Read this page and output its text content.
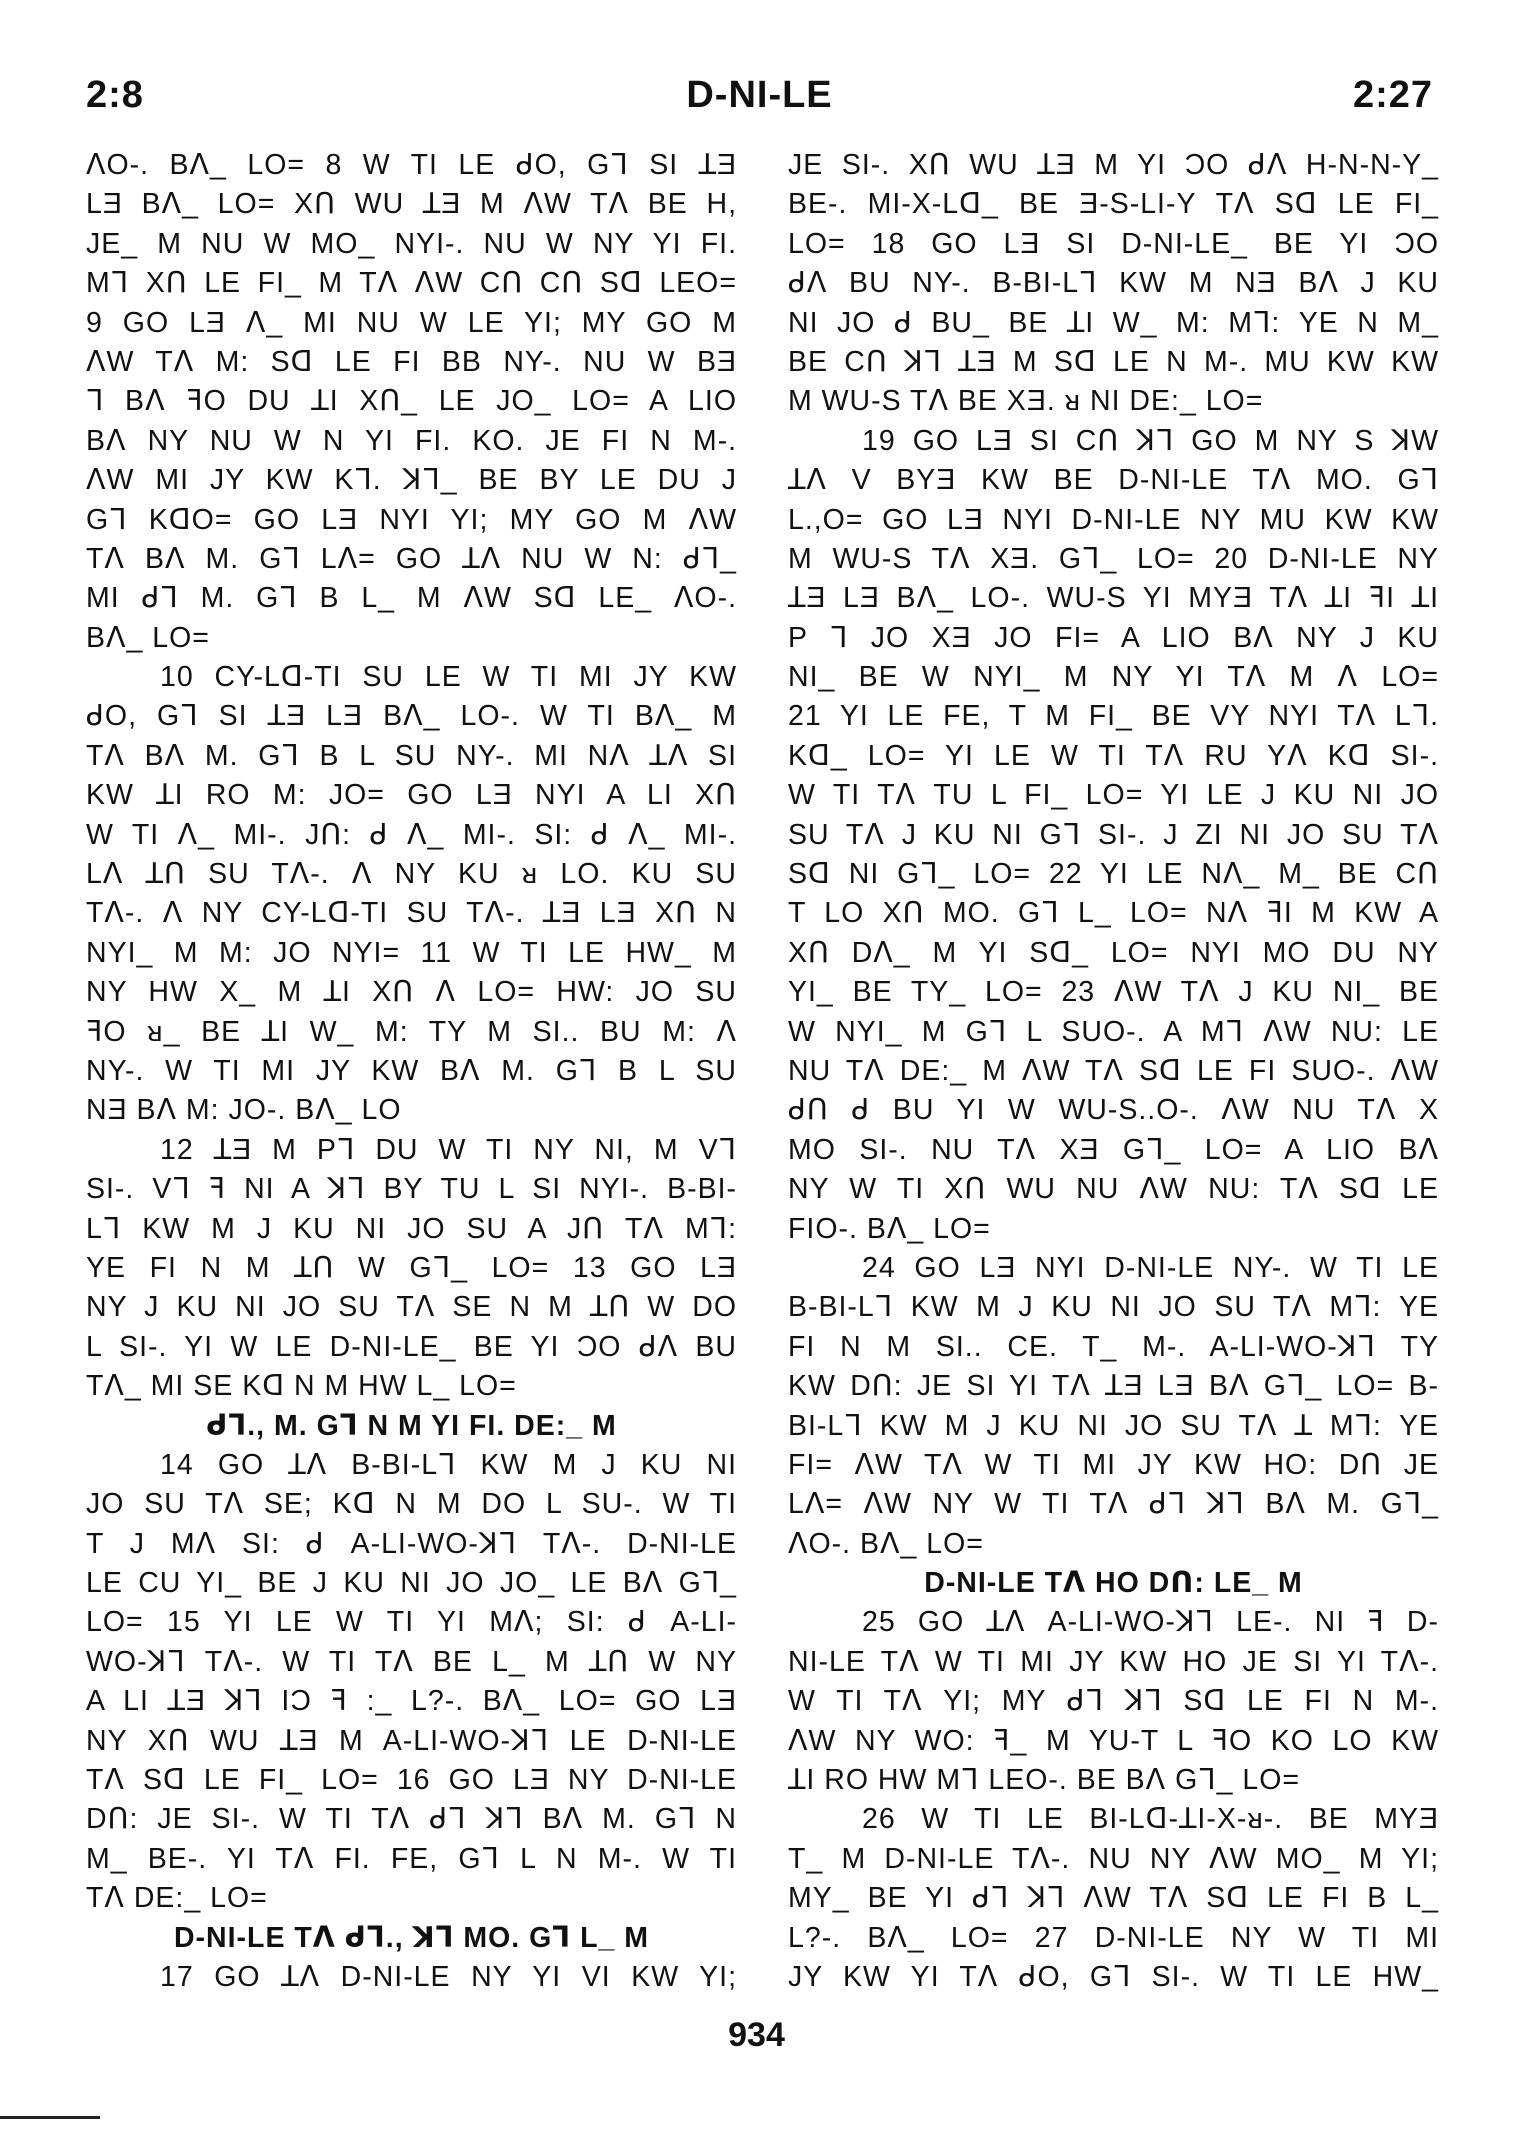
2:8	D-NI-LE	2:27
ᐱO-. Bᐱ_ LO= 8 W TI LE ᑯO, Gᒣ SI ꓕƎ
LƎ Bᐱ_ LO= Xᑎ WU ꓕƎ M ᐱW Tᐱ BE H,
JE_ M NU W MO_ NYI-. NU W NY YI FI.
Mᒣ Xᑎ LE FI_ M Tᐱ ᐱW Cᑎ Cᑎ Sᗡ LEO=
9 GO LƎ ᐱ_ MI NU W LE YI; MY GO M
ᐱW Tᐱ M: Sᗡ LE FI BB NY-. NU W BƎ
ᒣ Bᐱ ꟻO DU ꓕI Xᑎ_ LE JO_ LO= A LIO
Bᐱ NY NU W N YI FI. KO. JE FI N M-.
ᐱW MI JY KW Kᒣ. ꓘᒣ_ BE BY LE DU J
Gᒣ KᗡO= GO LƎ NYI YI; MY GO M ᐱW
Tᐱ Bᐱ M. Gᒣ Lᐱ= GO ꓕᐱ NU W N: ᑯᒣ_
MI ᑯᒣ M. Gᒣ B L_ M ᐱW Sᗡ LE_ ᐱO-.
Bᐱ_ LO=
10 CY-Lᗡ-TI SU LE W TI MI JY KW
ᑯO, Gᒣ SI ꓕƎ LƎ Bᐱ_ LO-. W TI Bᐱ_ M
Tᐱ Bᐱ M. Gᒣ B L SU NY-. MI Nᐱ ꓕᐱ SI
KW ꓕI RO M: JO= GO LƎ NYI A LI Xᑎ
W TI ᐱ_ MI-. Jᑎ: ᑯ ᐱ_ MI-. SI: ᑯ ᐱ_ MI-.
Lᐱ ꓕᑎ SU Tᐱ-. ᐱ NY KU ᴚ LO. KU SU
Tᐱ-. ᐱ NY CY-Lᗡ-TI SU Tᐱ-. ꓕƎ LƎ Xᑎ N
NYI_ M M: JO NYI= 11 W TI LE HW_ M
NY HW X_ M ꓕI Xᑎ ᐱ LO= HW: JO SU
ꟻO ᴚ_ BE ꓕI W_ M: TY M SI.. BU M: ᐱ
NY-. W TI MI JY KW Bᐱ M. Gᒣ B L SU
NƎ Bᐱ M: JO-. Bᐱ_ LO
12 ꓕƎ M Pᒣ DU W TI NY NI, M Vᒣ
SI-. Vᒣ ꟻ NI A ꓘᒣ BY TU L SI NYI-. B-BI-
Lᒣ KW M J KU NI JO SU A Jᑎ Tᐱ Mᒣ:
YE FI N M ꓕᑎ W Gᒣ_ LO= 13 GO LƎ
NY J KU NI JO SU Tᐱ SE N M ꓕᑎ W DO
L SI-. YI W LE D-NI-LE_ BE YI ϽO ᑯᐱ BU
Tᐱ_ MI SE Kᗡ N M HW L_ LO=
ᑯᒣ., M. Gᒣ N M YI FI. DE:_ M
14 GO ꓕᐱ B-BI-Lᒣ KW M J KU NI
JO SU Tᐱ SE; Kᗡ N M DO L SU-. W TI
T J Mᐱ SI: ᑯ A-LI-WO-ꓘᒣ Tᐱ-. D-NI-LE
LE CU YI_ BE J KU NI JO JO_ LE Bᐱ Gᒣ_
LO= 15 YI LE W TI YI Mᐱ; SI: ᑯ A-LI-
WO-ꓘᒣ Tᐱ-. W TI Tᐱ BE L_ M ꓕᑎ W NY
A LI ꓕƎ ꓘᒣ IϽ ꟻ :_ L?-. Bᐱ_ LO= GO LƎ
NY Xᑎ WU ꓕƎ M A-LI-WO-ꓘᒣ LE D-NI-LE
Tᐱ Sᗡ LE FI_ LO= 16 GO LƎ NY D-NI-LE
Dᑎ: JE SI-. W TI Tᐱ ᑯᒣ ꓘᒣ Bᐱ M. Gᒣ N
M_ BE-. YI Tᐱ FI. FE, Gᒣ L N M-. W TI
Tᐱ DE:_ LO=
D-NI-LE Tᐱ ᑯᒣ., ꓘᒣ MO. Gᒣ L_ M
17 GO ꓕᐱ D-NI-LE NY YI VI KW YI;
JE SI-. Xᑎ WU ꓕƎ M YI ϽO ᑯᐱ H-N-N-Y_
BE-. MI-X-Lᗡ_ BE Ǝ-S-LI-Y Tᐱ Sᗡ LE FI_
LO= 18 GO LƎ SI D-NI-LE_ BE YI ϽO
ᑯᐱ BU NY-. B-BI-Lᒣ KW M NƎ Bᐱ J KU
NI JO ᑯ BU_ BE ꓕI W_ M: Mᒣ: YE N M_
BE Cᑎ ꓘᒣ ꓕƎ M Sᗡ LE N M-. MU KW KW
M WU-S Tᐱ BE XƎ. ᴚ NI DE:_ LO=
19 GO LƎ SI Cᑎ ꓘᒣ GO M NY S ꓘW
ꓕᐱ V BYƎ KW BE D-NI-LE Tᐱ MO. Gᒣ
L.,O= GO LƎ NYI D-NI-LE NY MU KW KW
M WU-S Tᐱ XƎ. Gᒣ_ LO= 20 D-NI-LE NY
ꓕƎ LƎ Bᐱ_ LO-. WU-S YI MYƎ Tᐱ ꓕI ꟻI ꓕI
P ᒣ JO XƎ JO FI= A LIO Bᐱ NY J KU
NI_ BE W NYI_ M NY YI Tᐱ M ᐱ LO=
21 YI LE FE, T M FI_ BE VY NYI Tᐱ Lᒣ.
Kᗡ_ LO= YI LE W TI Tᐱ RU Yᐱ Kᗡ SI-.
W TI Tᐱ TU L FI_ LO= YI LE J KU NI JO
SU Tᐱ J KU NI Gᒣ SI-. J ZI NI JO SU Tᐱ
Sᗡ NI Gᒣ_ LO= 22 YI LE Nᐱ_ M_ BE Cᑎ
T LO Xᑎ MO. Gᒣ L_ LO= Nᐱ ꟻI M KW A
Xᑎ Dᐱ_ M YI Sᗡ_ LO= NYI MO DU NY
YI_ BE TY_ LO= 23 ᐱW Tᐱ J KU NI_ BE
W NYI_ M Gᒣ L SUO-. A Mᒣ ᐱW NU: LE
NU Tᐱ DE:_ M ᐱW Tᐱ Sᗡ LE FI SUO-. ᐱW
ᑯᑎ ᑯ BU YI W WU-S..O-. ᐱW NU Tᐱ X
MO SI-. NU Tᐱ XƎ Gᒣ_ LO= A LIO Bᐱ
NY W TI Xᑎ WU NU ᐱW NU: Tᐱ Sᗡ LE
FIO-. Bᐱ_ LO=
24 GO LƎ NYI D-NI-LE NY-. W TI LE
B-BI-Lᒣ KW M J KU NI JO SU Tᐱ Mᒣ: YE
FI N M SI.. CE. T_ M-. A-LI-WO-ꓘᒣ TY
KW Dᑎ: JE SI YI Tᐱ ꓕƎ LƎ Bᐱ Gᒣ_ LO= B-
BI-Lᒣ KW M J KU NI JO SU Tᐱ ꓕ Mᒣ: YE
FI= ᐱW Tᐱ W TI MI JY KW HO: Dᑎ JE
Lᐱ= ᐱW NY W TI Tᐱ ᑯᒣ ꓘᒣ Bᐱ M. Gᒣ_
ᐱO-. Bᐱ_ LO=
D-NI-LE Tᐱ HO Dᑎ: LE_ M
25 GO ꓕᐱ A-LI-WO-ꓘᒣ LE-. NI ꟻ D-
NI-LE Tᐱ W TI MI JY KW HO JE SI YI Tᐱ-.
W TI Tᐱ YI; MY ᑯᒣ ꓘᒣ Sᗡ LE FI N M-.
ᐱW NY WO: ꟻ_ M YU-T L ꟻO KO LO KW
ꓕI RO HW Mᒣ LEO-. BE Bᐱ Gᒣ_ LO=
26 W TI LE BI-Lᗡ-ꓕI-X-ᴚ-. BE MYƎ
T_ M D-NI-LE Tᐱ-. NU NY ᐱW MO_ M YI;
MY_ BE YI ᑯᒣ ꓘᒣ ᐱW Tᐱ Sᗡ LE FI B L_
L?-. Bᐱ_ LO= 27 D-NI-LE NY W TI MI
JY KW YI Tᐱ ᑯO, Gᒣ SI-. W TI LE HW_
934
